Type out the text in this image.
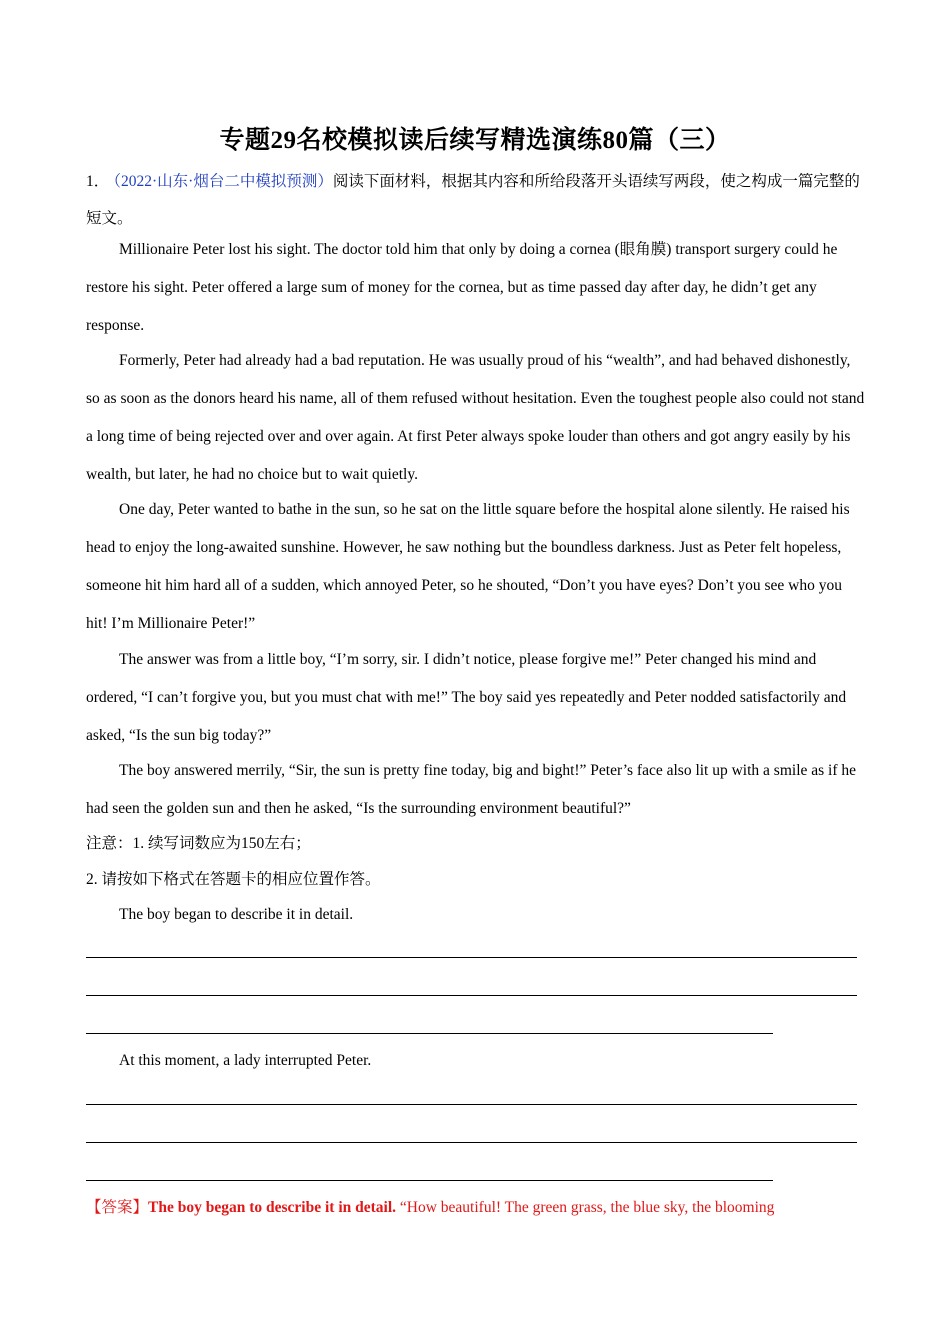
专题29名校模拟读后续写精选演练80篇（三）
1． （2022·山东·烟台二中模拟预测）阅读下面材料，根据其内容和所给段落开头语续写两段，使之构成一篇完整的短文。
Millionaire Peter lost his sight. The doctor told him that only by doing a cornea (眼角膜) transport surgery could he restore his sight. Peter offered a large sum of money for the cornea, but as time passed day after day, he didn’t get any response.
Formerly, Peter had already had a bad reputation. He was usually proud of his “wealth”, and had behaved dishonestly, so as soon as the donors heard his name, all of them refused without hesitation. Even the toughest people also could not stand a long time of being rejected over and over again. At first Peter always spoke louder than others and got angry easily by his wealth, but later, he had no choice but to wait quietly.
One day, Peter wanted to bathe in the sun, so he sat on the little square before the hospital alone silently. He raised his head to enjoy the long-awaited sunshine. However, he saw nothing but the boundless darkness. Just as Peter felt hopeless, someone hit him hard all of a sudden, which annoyed Peter, so he shouted, “Don’t you have eyes? Don’t you see who you hit! I’m Millionaire Peter!”
The answer was from a little boy, “I’m sorry, sir. I didn’t notice, please forgive me!” Peter changed his mind and ordered, “I can’t forgive you, but you must chat with me!” The boy said yes repeatedly and Peter nodded satisfactorily and asked, “Is the sun big today?”
The boy answered merrily, “Sir, the sun is pretty fine today, big and bight!” Peter’s face also lit up with a smile as if he had seen the golden sun and then he asked, “Is the surrounding environment beautiful?”
注意：1. 续写词数应为150左右；
2. 请按如下格式在答题卡的相应位置作答。
The boy began to describe it in detail.
At this moment, a lady interrupted Peter.
【答案】The boy began to describe it in detail. “How beautiful! The green grass, the blue sky, the blooming
